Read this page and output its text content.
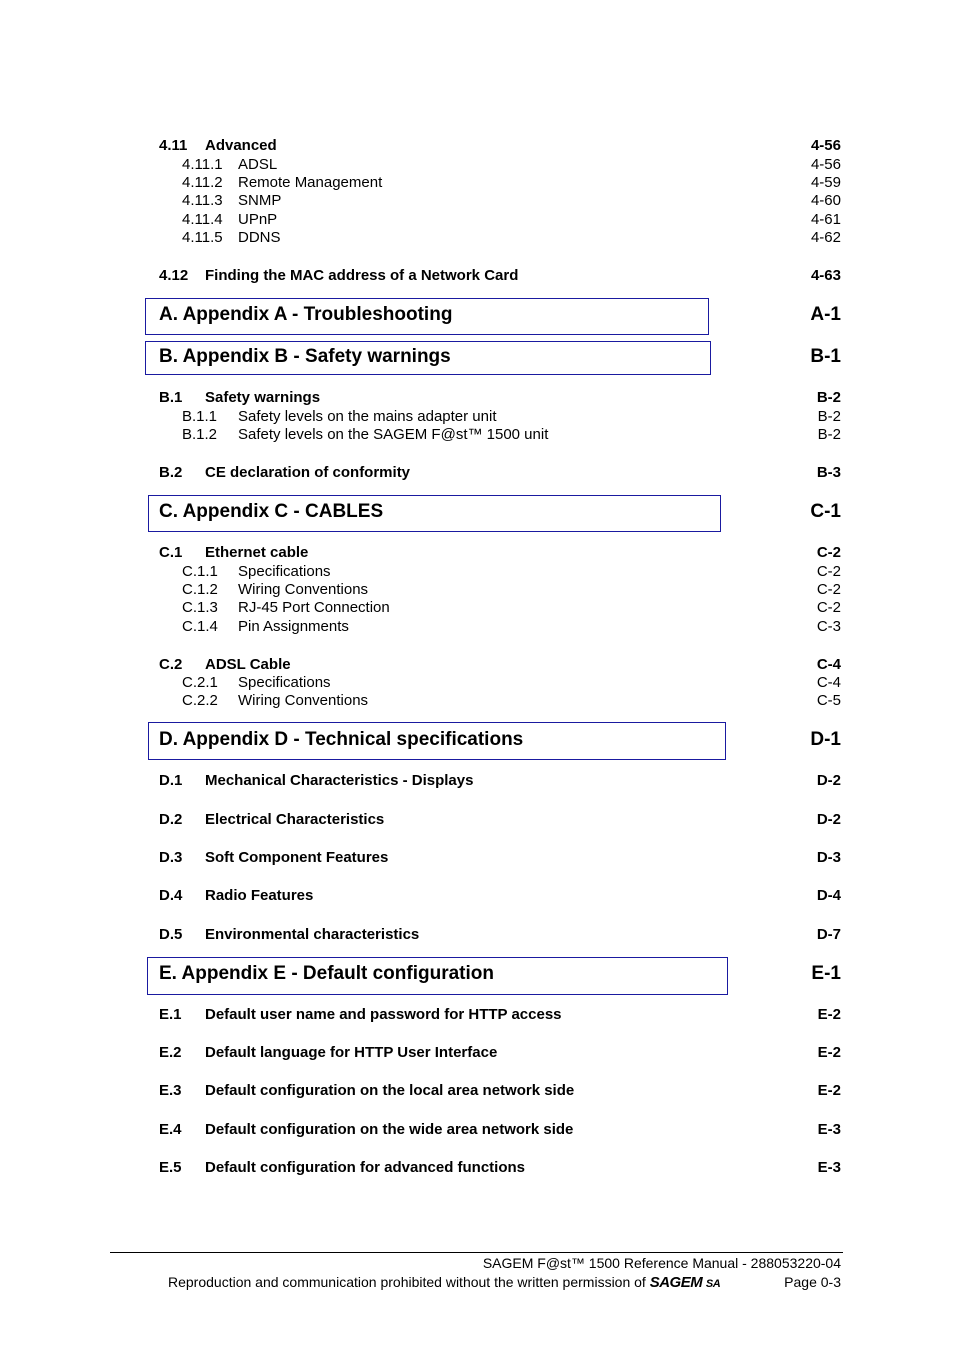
4.11 Advanced	4-56
4.11.1 ADSL	4-56
4.11.2 Remote Management	4-59
4.11.3 SNMP	4-60
4.11.4 UPnP	4-61
4.11.5 DDNS	4-62
4.12 Finding the MAC address of a Network Card	4-63
A. Appendix A - Troubleshooting	A-1
B. Appendix B - Safety warnings	B-1
B.1 Safety warnings	B-2
B.1.1 Safety levels on the mains adapter unit	B-2
B.1.2 Safety levels on the SAGEM F@st™ 1500 unit	B-2
B.2 CE declaration of conformity	B-3
C. Appendix C - CABLES	C-1
C.1 Ethernet cable	C-2
C.1.1 Specifications	C-2
C.1.2 Wiring Conventions	C-2
C.1.3 RJ-45 Port Connection	C-2
C.1.4 Pin Assignments	C-3
C.2 ADSL Cable	C-4
C.2.1 Specifications	C-4
C.2.2 Wiring Conventions	C-5
D. Appendix D - Technical specifications	D-1
D.1 Mechanical Characteristics - Displays	D-2
D.2 Electrical Characteristics	D-2
D.3 Soft Component Features	D-3
D.4 Radio Features	D-4
D.5 Environmental characteristics	D-7
E. Appendix E - Default configuration	E-1
E.1 Default user name and password for HTTP access	E-2
E.2 Default language for HTTP User Interface	E-2
E.3 Default configuration on the local area network side	E-2
E.4 Default configuration on the wide area network side	E-3
E.5 Default configuration for advanced functions	E-3
SAGEM F@st™ 1500 Reference Manual - 288053220-04
Reproduction and communication prohibited without the written permission of SAGEM SA	Page 0-3
